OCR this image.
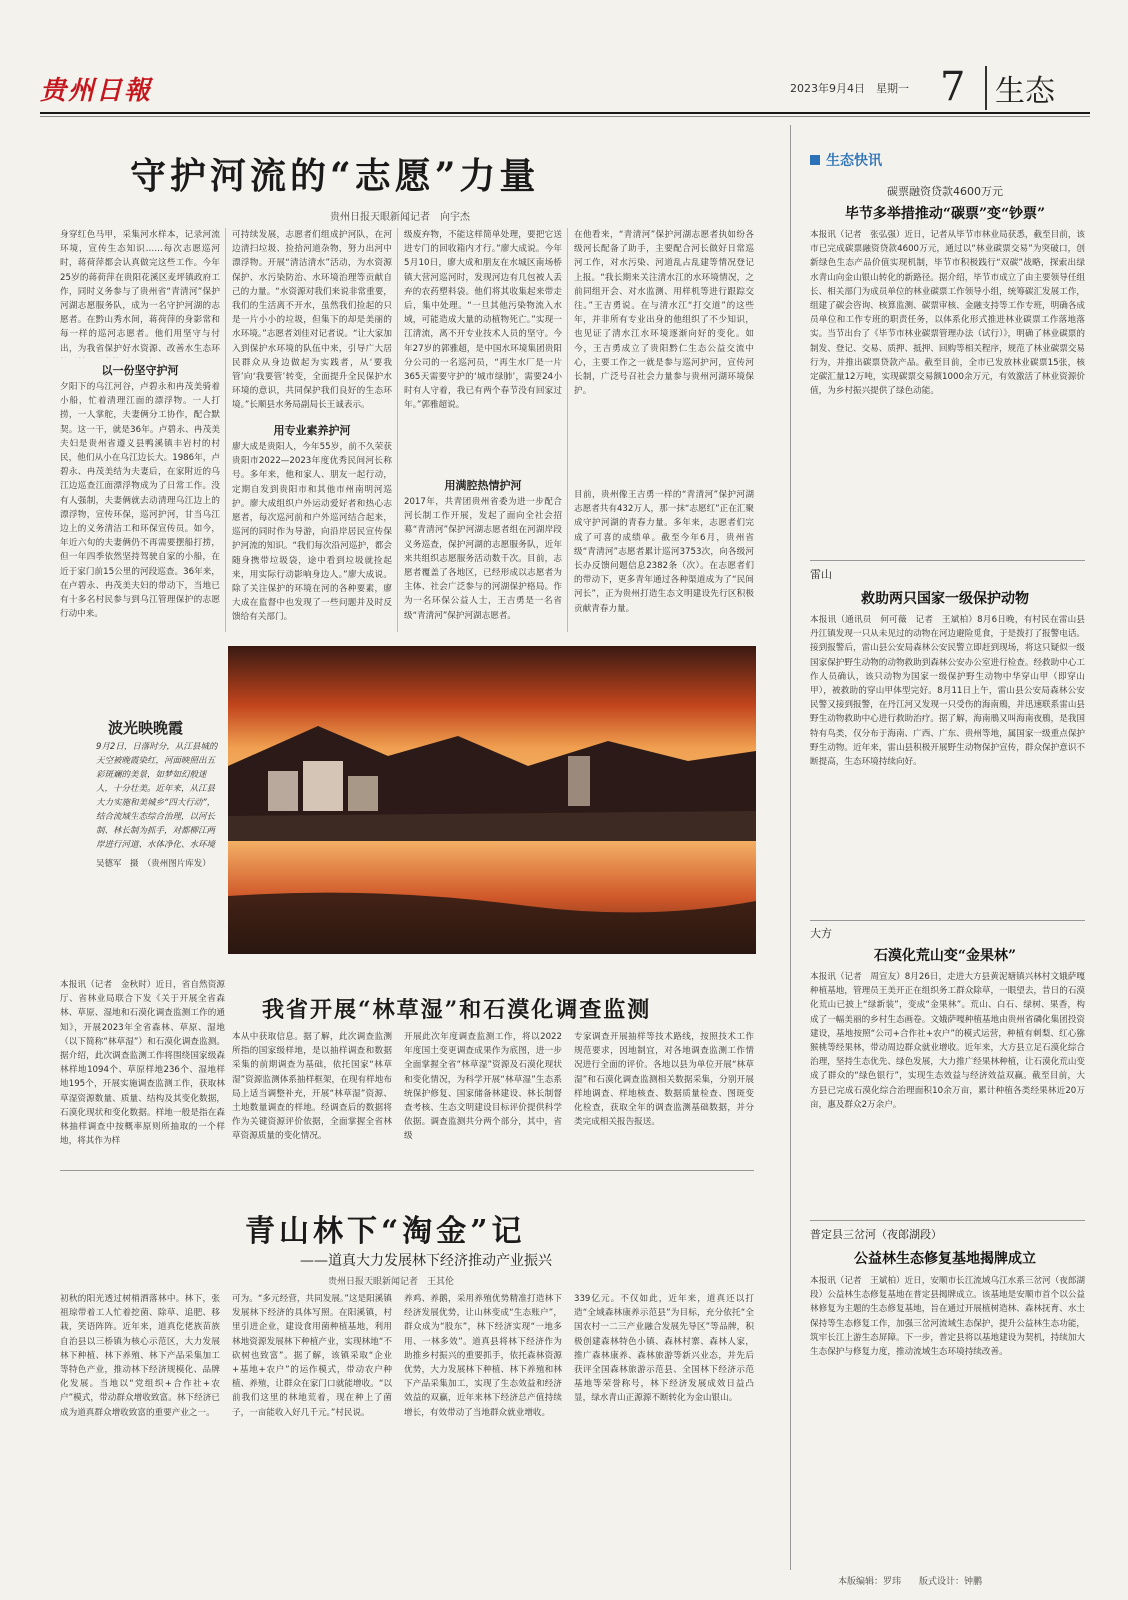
贵州日報	2023年9月4日　星期一 7 生态
守护河流的“志愿”力量
贵州日报天眼新闻记者　向宇杰
身穿红色马甲，采集河水样本，记录河流环境，宣传生态知识……每次志愿巡河时，蒋荷萍都会认真做完这些工作。今年25岁的蒋荷萍在贵阳花溪区麦坪镇政府工作，同时义务参与了贵州省“青清河”保护河湖志愿服务队，成为一名守护河湖的志愿者。在黔山秀水间，蒋荷萍的身影常和每一样的巡河志愿者。他们用坚守与付出，为我省保护好水资源、改善水生态环
以一份坚守护河
夕阳下的乌江河谷，卢碧永和冉茂美骑着小船，忙着清理江面的漂浮物。一人打捞，一人掌舵，夫妻俩分工协作，配合默契。这一干，就是36年。卢碧永、冉茂美夫妇是贵州省遵义县鸭溪镇丰岩村的村民，他们从小在乌江边长大。1986年，卢碧永、冉茂美结为夫妻后，在家附近的乌江边巡查江面漂浮物成为了日常工作。没有人强制，夫妻俩就去动清理乌江边上的漂浮物，宣传环保，巡河护河，甘当乌江边上的义务清洁工和环保宣传员。如今，年近六旬的夫妻俩仍不再需要摆船打捞，但一年四季依然坚持驾驶自家的小船，在近于家门前15公里的河段巡查。36年来，在卢碧永、冉茂美夫妇的带动下，当地已有十多名村民参与到乌江管理保护的志愿行动中来。
可持续发展，志愿者们组成护河队，在河边清扫垃圾、捡拾河道杂物，努力出河中漂浮物。开展“清洁清水”活动，为水资源保护、水污染防治、水环境治理等贡献自己的力量。“水资源对我们来说非常重要，我们的生活离不开水，虽然我们捡起的只是一片小小的垃圾，但集下的却是美丽的水环境。”志愿者刘佳对记者说。“让大家加入到保护水环境的队伍中来，引导广大居民群众从身边做起为实践者，从‘要我管’向‘我要管’转变，全面提升全民保护水环境的意识，共同保护我们良好的生态环境。”长顺县水务局副局长王诚表示。
用专业素养护河
廖大成是贵阳人，今年55岁，前不久荣获贵阳市2022—2023年度优秀民间河长称号。多年来，他和家人、朋友一起行动，定期自发到贵阳市和其他市州南明河巡护。廖大成组织户外运动爱好者和热心志愿者，每次巡河前和户外巡河结合起来，巡河的同时作为导游，向沿岸居民宣传保护河流的知识。“我们每次沿河巡护，都会随身携带垃圾袋，途中看到垃圾就捡起来，用实际行动影响身边人。”廖大成说。除了关注保护的环境在河的各种要素，廖大成在监督中也发现了一些问题并及时反馈给有关部门。
级废弃物，不能这样简单处理，要把它送进专门的回收箱内才行。”廖大成说。今年5月10日，廖大成和朋友在水城区南场桥镇大营河巡河时，发现河边有几包被人丢弃的农药塑料袋。他们将其收集起来带走后，集中处理。“一旦其他污染物流入水域，可能造成大量的动植物死亡。”实现一江清流，离不开专业技术人员的坚守。今年27岁的郭雅超，是中国水环境集团贵阳分公司的一名巡河员，“再生水厂是一片365天需要守护的‘城市绿肺’，需要24小时有人守着，我已有两个春节没有回家过年。”郭雅超说。
用满腔热情护河
2017年，共青团贵州省委为进一步配合河长制工作开展，发起了面向全社会招募“青清河”保护河湖志愿者组在河湖岸段义务巡查，保护河湖的志愿服务队，近年来共组织志愿服务活动数千次。目前，志愿者覆盖了各地区，已经形成以志愿者为主体、社会广泛参与的河湖保护格局。作为一名环保公益人士，王吉勇是一名省级“青清河”保护河湖志愿者。
在他看来，“青清河”保护河湖志愿者执如纷各级河长配备了助手，主要配合河长做好日常巡河工作，对水污染、河道乱占乱建等情况登记上报。“我长期来关注清水江的水环境情况，之前同组开会、对水监测、用样机等进行跟踪交往。”王吉勇说。在与清水江“打交道”的这些年，并非所有专业出身的他组织了不少知识，也见证了清水江水环境逐渐向好的变化。如今，王吉勇成立了贵阳黔仁生态公益交流中心，主要工作之一就是参与巡河护河，宣传河长制，广泛号召社会力量参与贵州河湖环境保护。
目前，贵州像王吉勇一样的“青清河”保护河湖志愿者共有432万人，那一抹“志愿红”正在汇聚成守护河湖的青春力量。多年来，志愿者们完成了可喜的成绩单。截至今年6月，贵州省级“青清河”志愿者累计巡河3753次，向各级河长办反馈问题信息2382条（次）。在志愿者们的带动下，更多青年通过各种渠道成为了“民间河长”，正为贵州打造生态文明建设先行区积极贡献青春力量。
波光映晚霞
9月2日，日落时分，从江县城的天空被晚霞染红，河面映照出五彩斑斓的美景，如梦如幻般迷人，十分壮美。近年来，从江县大力实施和美城乡“四大行动”，结合流域生态综合治理，以河长制、林长制为抓手，对都柳江两岸进行河道、水体净化、水环境
吴德军　摄　（贵州图片库发）
我省开展“林草湿”和石漠化调查监测
本报讯（记者　金秋时）近日，省自然资源厅、省林业局联合下发《关于开展全省森林、草原、湿地和石漠化调查监测工作的通知》，开展2023年全省森林、草原、湿地（以下简称“林草湿”）和石漠化调查监测。据介绍，此次调查监测工作将围绕国家级森林样地1094个、草原样地236个、湿地样地195个，开展实施调查监测工作，获取林草湿资源数量、质量、结构及其变化数据，石漠化现状和变化数据。样地一般是指在森林抽样调查中按概率原则所抽取的一个样地，将其作为样
本从中获取信息。据了解，此次调查监测所指的国家级样地，是以抽样调查和数据采集的前期调查为基础，依托国家“林草湿”资源监测体系抽样框架，在现有样地布局上适当调整补充，开展“林草湿”资源、土地数量调查的样地。经调查后的数据将作为关键资源评价依据，全面掌握全省林草资源质量的变化情况。
开展此次年度调查监测工作，将以2022年度国土变更调查成果作为底图，进一步全面掌握全省“林草湿”资源及石漠化现状和变化情况，为科学开展“林草湿”生态系统保护修复、国家储备林建设、林长制督查考核、生态文明建设目标评价提供科学依据。调查监测共分两个部分，其中，省级
专家调查开展抽样等技术路线，按照技术工作规范要求，因地制宜，对各地调查监测工作情况进行全面的评价。各地以县为单位开展“林草湿”和石漠化调查监测相关数据采集，分别开展样地调查、样地核查、数据质量检查、图斑变化检查，获取全年的调查监测基础数据，并分类完成相关报告报送。
青山林下“淘金”记
——道真大力发展林下经济推动产业振兴
贵州日报天眼新闻记者　王其伦
初秋的阳光透过树梢洒落林中。林下，张祖琼带着工人忙着挖菌、除草、追肥、移栽，笑语阵阵。近年来，道真仡佬族苗族自治县以三桥镇为核心示范区，大力发展林下种植、林下养殖、林下产品采集加工等特色产业，推动林下经济规模化、品牌化发展。当地以“党组织+合作社+农户”模式，带动群众增收致富。林下经济已成为道真群众增收致富的重要产业之一。
可为。“多元经营，共同发展。”这是阳溪镇发展林下经济的具体写照。在阳溪镇，村里引进企业，建设食用菌种植基地，利用林地资源发展林下种植产业，实现林地“不砍树也致富”。据了解，该镇采取“企业+基地+农户”的运作模式，带动农户种植、养殖，让群众在家门口就能增收。“以前我们这里的林地荒着，现在种上了菌子，一亩能收入好几千元。”村民说。
养鸡、养鹅，采用养殖优势精准打造林下经济发展优势，让山林变成“生态账户”，群众成为“股东”，林下经济实现“一地多用、一林多效”。道真县将林下经济作为助推乡村振兴的重要抓手，依托森林资源优势，大力发展林下种植、林下养殖和林下产品采集加工，实现了生态效益和经济效益的双赢，近年来林下经济总产值持续增长，有效带动了当地群众就业增收。
339亿元。不仅如此，近年来，道真还以打造“全域森林康养示范县”为目标，充分依托“全国农村一二三产业融合发展先导区”等品牌，积极创建森林特色小镇、森林村寨、森林人家，推广森林康养、森林旅游等新兴业态，并先后获评全国森林旅游示范县、全国林下经济示范基地等荣誉称号，林下经济发展成效日益凸显，绿水青山正源源不断转化为金山银山。
生态快讯
碳票融资贷款4600万元
毕节多举措推动“碳票”变“钞票”
本报讯（记者　张弘强）近日，记者从毕节市林业局获悉，截至目前，该市已完成碳票融资贷款4600万元，通过以“林业碳票交易”为突破口，创新绿色生态产品价值实现机制，毕节市积极践行“双碳”战略，探索出绿水青山向金山银山转化的新路径。据介绍，毕节市成立了由主要领导任组长、相关部门为成员单位的林业碳票工作领导小组，统筹碳汇发展工作，组建了碳会咨询、核算监测、碳票审核、金融支持等工作专班，明确各成员单位和工作专班的职责任务，以体系化形式推进林业碳票工作落地落实。当节出台了《毕节市林业碳票管理办法（试行）》，明确了林业碳票的制发、登记、交易、质押、抵押、回购等相关程序，规范了林业碳票交易行为，并推出碳票贷款产品。截至目前，全市已发放林业碳票15张，核定碳汇量12万吨，实现碳票交易额1000余万元，有效激活了林业资源价值，为乡村振兴提供了绿色动能。
雷山
救助两只国家一级保护动物
本报讯（通讯员　何可薇　记者　王斌柏）8月6日晚，有村民在雷山县丹江镇发现一只从未见过的动物在河边避险觅食，于是拨打了报警电话。接到报警后，雷山县公安局森林公安民警立即赶到现场，将这只疑似一级国家保护野生动物的动物救助到森林公安办公室进行检查。经救助中心工作人员确认，该只动物为国家一级保护野生动物中华穿山甲（即穿山甲），被救助的穿山甲体型完好。8月11日上午，雷山县公安局森林公安民警又接到报警，在丹江河又发现一只受伤的海南鳽，并迅速联系雷山县野生动物救助中心进行救助治疗。据了解，海南鳽又叫海南夜鳽，是我国特有鸟类，仅分布于海南、广西、广东、贵州等地，属国家一级重点保护野生动物。近年来，雷山县积极开展野生动物保护宣传，群众保护意识不断提高，生态环境持续向好。
大方
石漠化荒山变“金果林”
本报讯（记者　周宣友）8月26日，走进大方县黄泥塘镇兴林村文娥萨嘎种植基地，管理员王美开正在组织务工群众除草，一眼望去，昔日的石漠化荒山已披上“绿新装”，变成“金果林”。荒山、白石、绿树、果香，构成了一幅美丽的乡村生态画卷。文娥萨嘎种植基地由贵州省磷化集团投资建设，基地按照“公司+合作社+农户”的模式运营，种植有刺梨、红心猕猴桃等经果林，带动周边群众就业增收。近年来，大方县立足石漠化综合治理，坚持生态优先、绿色发展，大力推广经果林种植，让石漠化荒山变成了群众的“绿色银行”，实现生态效益与经济效益双赢。截至目前，大方县已完成石漠化综合治理面积10余万亩，累计种植各类经果林近20万亩，惠及群众2万余户。
普定县三岔河（夜郎湖段）
公益林生态修复基地揭牌成立
本报讯（记者　王斌柏）近日，安顺市长江流域乌江水系三岔河（夜郎湖段）公益林生态修复基地在普定县揭牌成立。该基地是安顺市首个以公益林修复为主题的生态修复基地，旨在通过开展植树造林、森林抚育、水土保持等生态修复工作，加强三岔河流域生态保护，提升公益林生态功能，筑牢长江上游生态屏障。下一步，普定县将以基地建设为契机，持续加大生态保护与修复力度，推动流域生态环境持续改善。
本版编辑：罗玮　　版式设计：钟鹏
